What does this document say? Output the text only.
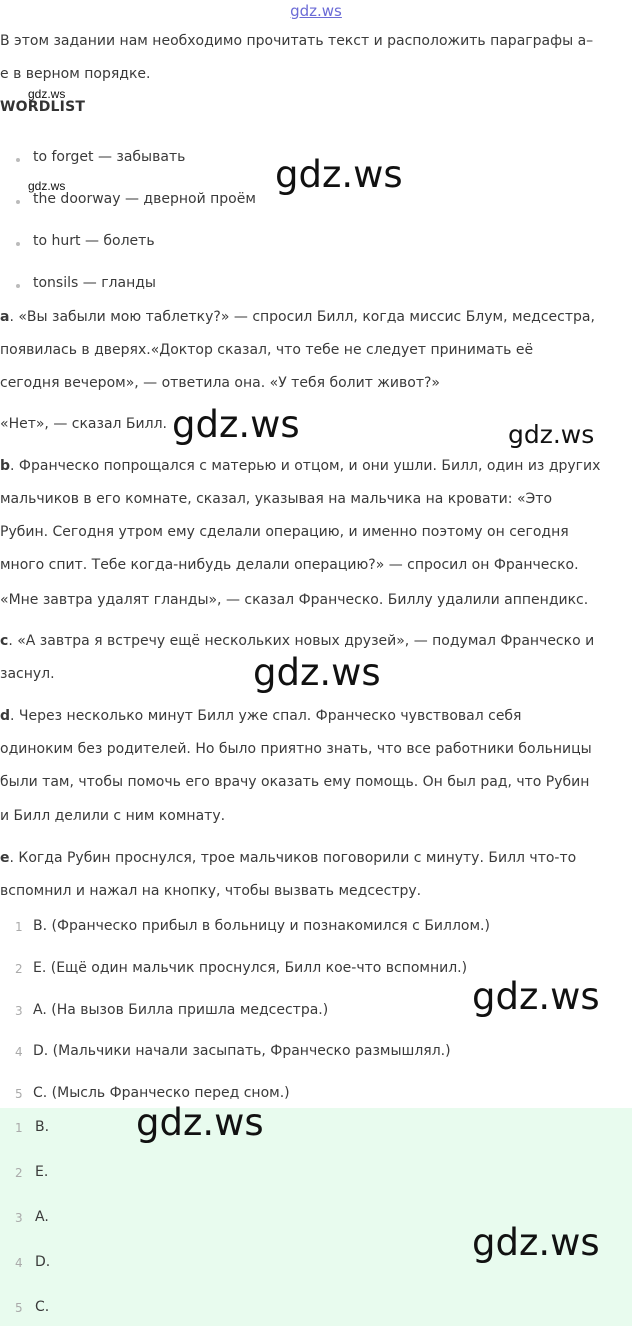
gdz.ws
В этом задании нам необходимо прочитать текст и расположить параграфы а–
е в верном порядке.
WORDLIST
to forget — забывать
the doorway — дверной проём
to hurt — болеть
tonsils — гланды
a. «Вы забыли мою таблетку?» — спросил Билл, когда миссис Блум, медсестра,
появилась в дверях.«Доктор сказал, что тебе не следует принимать её
сегодня вечером», — ответила она. «У тебя болит живот?»
«Нет», — сказал Билл.
b. Франческо попрощался с матерью и отцом, и они ушли. Билл, один из других
мальчиков в его комнате, сказал, указывая на мальчика на кровати: «Это
Рубин. Сегодня утром ему сделали операцию, и именно поэтому он сегодня
много спит. Тебе когда-нибудь делали операцию?» — спросил он Франческо.
«Мне завтра удалят гланды», — сказал Франческо. Биллу удалили аппендикс.
c. «А завтра я встречу ещё нескольких новых друзей», — подумал Франческо и
заснул.
d. Через несколько минут Билл уже спал. Франческо чувствовал себя
одиноким без родителей. Но было приятно знать, что все работники больницы
были там, чтобы помочь его врачу оказать ему помощь. Он был рад, что Рубин
и Билл делили с ним комнату.
e. Когда Рубин проснулся, трое мальчиков поговорили с минуту. Билл что-то
вспомнил и нажал на кнопку, чтобы вызвать медсестру.
1 B. (Франческо прибыл в больницу и познакомился с Биллом.)
2 E. (Ещё один мальчик проснулся, Билл кое-что вспомнил.)
3 A. (На вызов Билла пришла медсестра.)
4 D. (Мальчики начали засыпать, Франческо размышлял.)
5 C. (Мысль Франческо перед сном.)
1 B.
2 E.
3 A.
4 D.
5 C.
gdz.ws
gdz.ws	gdz.ws
gdz.ws	gdz.ws
gdz.ws
gdz.ws
gdz.ws
gdz.ws
